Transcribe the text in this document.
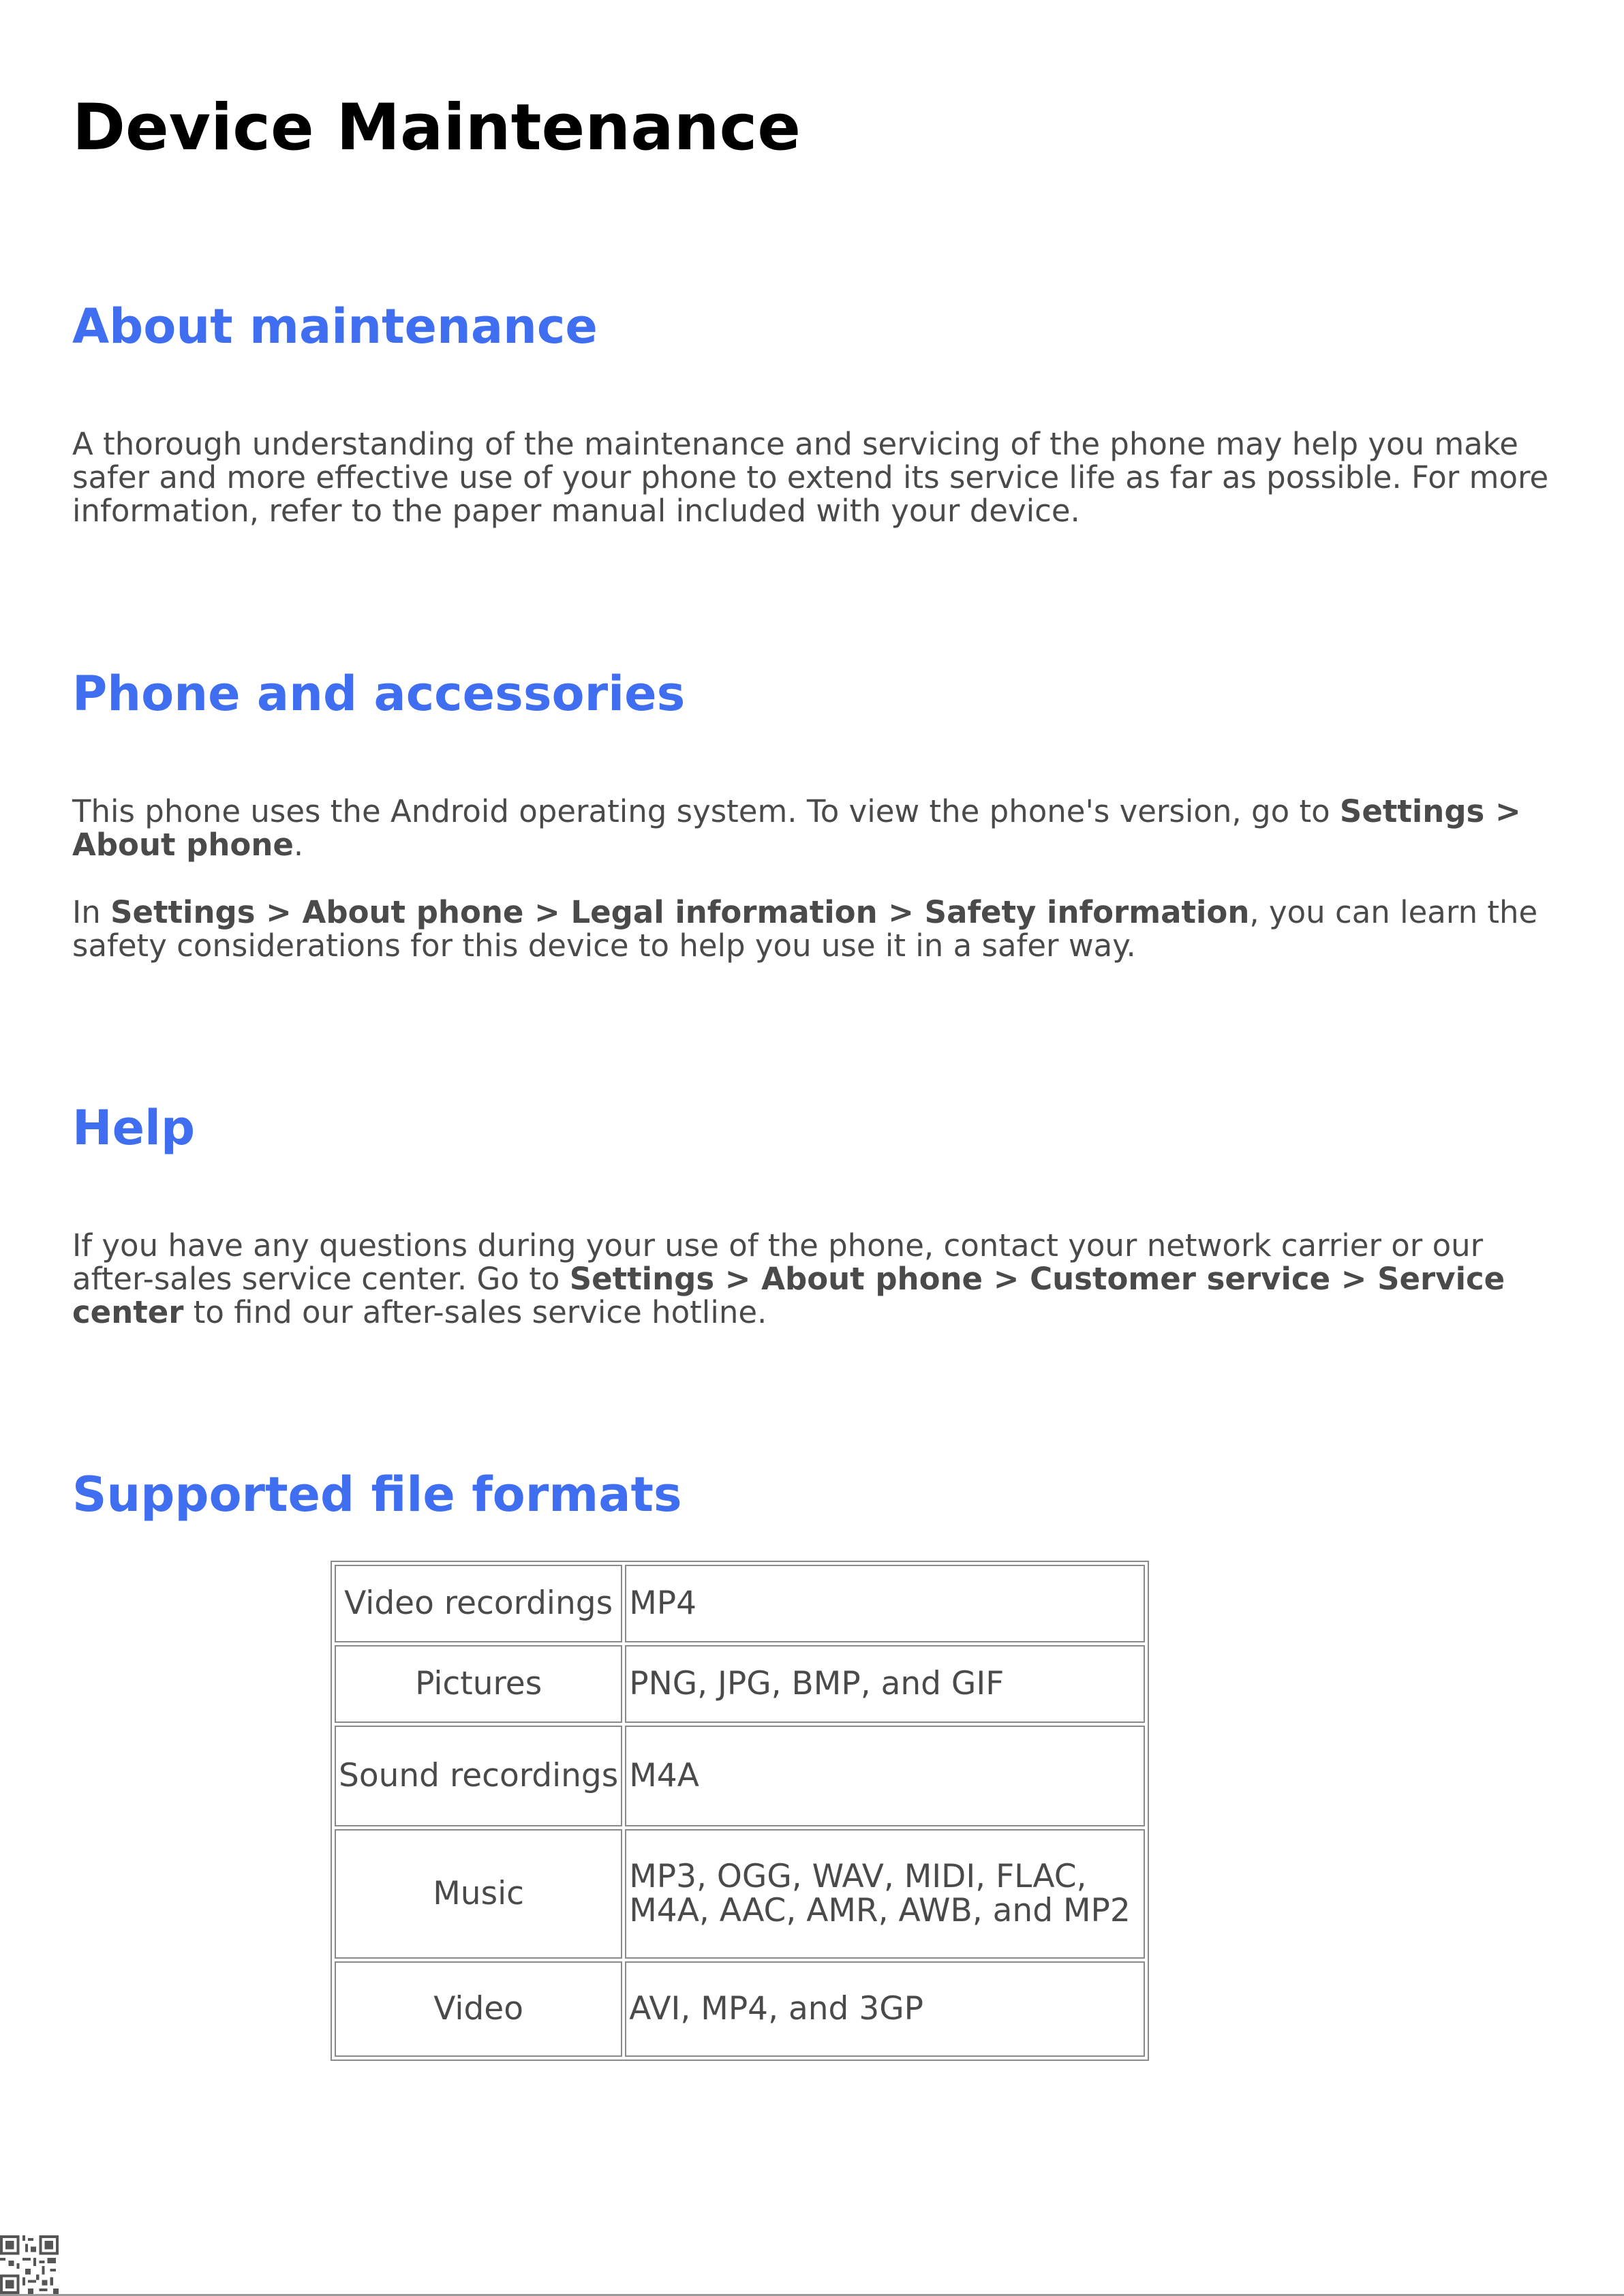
Device Maintenance
About maintenance

A thorough understanding of the maintenance and servicing of the phone may help you make safer and more effective use of your phone to extend its service life as far as possible. For more information, refer to the paper manual included with your device.

Phone and accessories

This phone uses the Android operating system. To view the phone's version, go to Settings > About phone.

In Settings > About phone > Legal information > Safety information, you can learn the safety considerations for this device to help you use it in a safer way.

Help

If you have any questions during your use of the phone, contact your network carrier or our after-sales service center. Go to Settings > About phone > Customer service > Service center to find our after-sales service hotline.

Supported file formats
Video recordings	MP4
Pictures	PNG, JPG, BMP, and GIF
Sound recordings	M4A
Music	MP3, OGG, WAV, MIDI, FLAC, M4A, AAC, AMR, AWB, and MP2
Video	AVI, MP4, and 3GP
